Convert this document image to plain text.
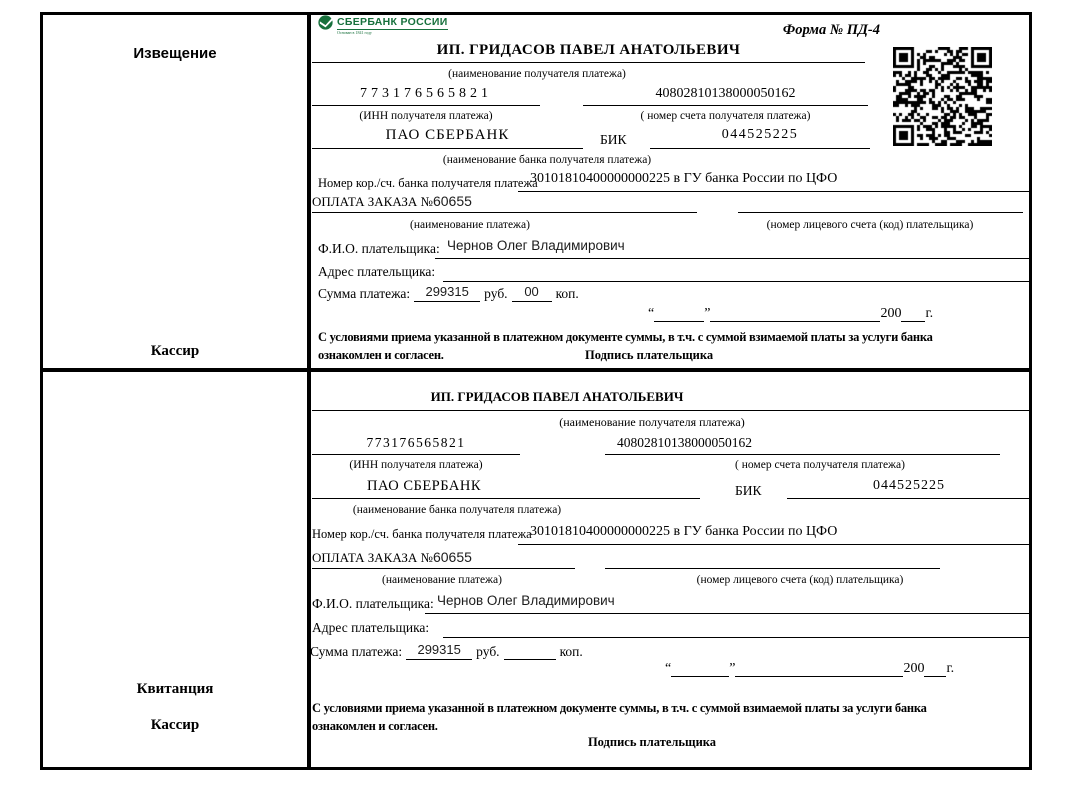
Извещение
Кассир
СБЕРБАНК РОССИИ
Основан в 1841 году	Форма № ПД-4
ИП. ГРИДАСОВ ПАВЕЛ АНАТОЛЬЕВИЧ
(наименование получателя платежа)
773176565821	40802810138000050162
(ИНН получателя платежа)	( номер счета получателя платежа)
ПАО СБЕРБАНК	БИК	044525225
(наименование банка получателя платежа)
Номер кор./сч. банка получателя платежа
30101810400000000225 в ГУ банка России по ЦФО
ОПЛАТА ЗАКАЗА №60655
(наименование платежа)	(номер лицевого счета (код) плательщика)
Ф.И.О. плательщика: Чернов Олег Владимирович
Адрес плательщика:
Сумма платежа:	299315	руб.	00	коп.
“	”	200 г.
С условиями приема указанной в платежном документе суммы, в т.ч. с суммой взимаемой платы за услуги банка
ознакомлен и согласен.	Подпись плательщика
Квитанция
Кассир
ИП. ГРИДАСОВ ПАВЕЛ АНАТОЛЬЕВИЧ
(наименование получателя платежа)
773176565821	40802810138000050162
(ИНН получателя платежа)	( номер счета получателя платежа)
ПАО СБЕРБАНК	БИК	044525225
(наименование банка получателя платежа)
Номер кор./сч. банка получателя платежа
30101810400000000225 в ГУ банка России по ЦФО
ОПЛАТА ЗАКАЗА №60655
(наименование платежа)	(номер лицевого счета (код) плательщика)
Ф.И.О. плательщика: Чернов Олег Владимирович
Адрес плательщика:
Сумма платежа:	299315	руб.	коп.
“	”	200 г.
С условиями приема указанной в платежном документе суммы, в т.ч. с суммой взимаемой платы за услуги банка
ознакомлен и согласен.
Подпись плательщика
